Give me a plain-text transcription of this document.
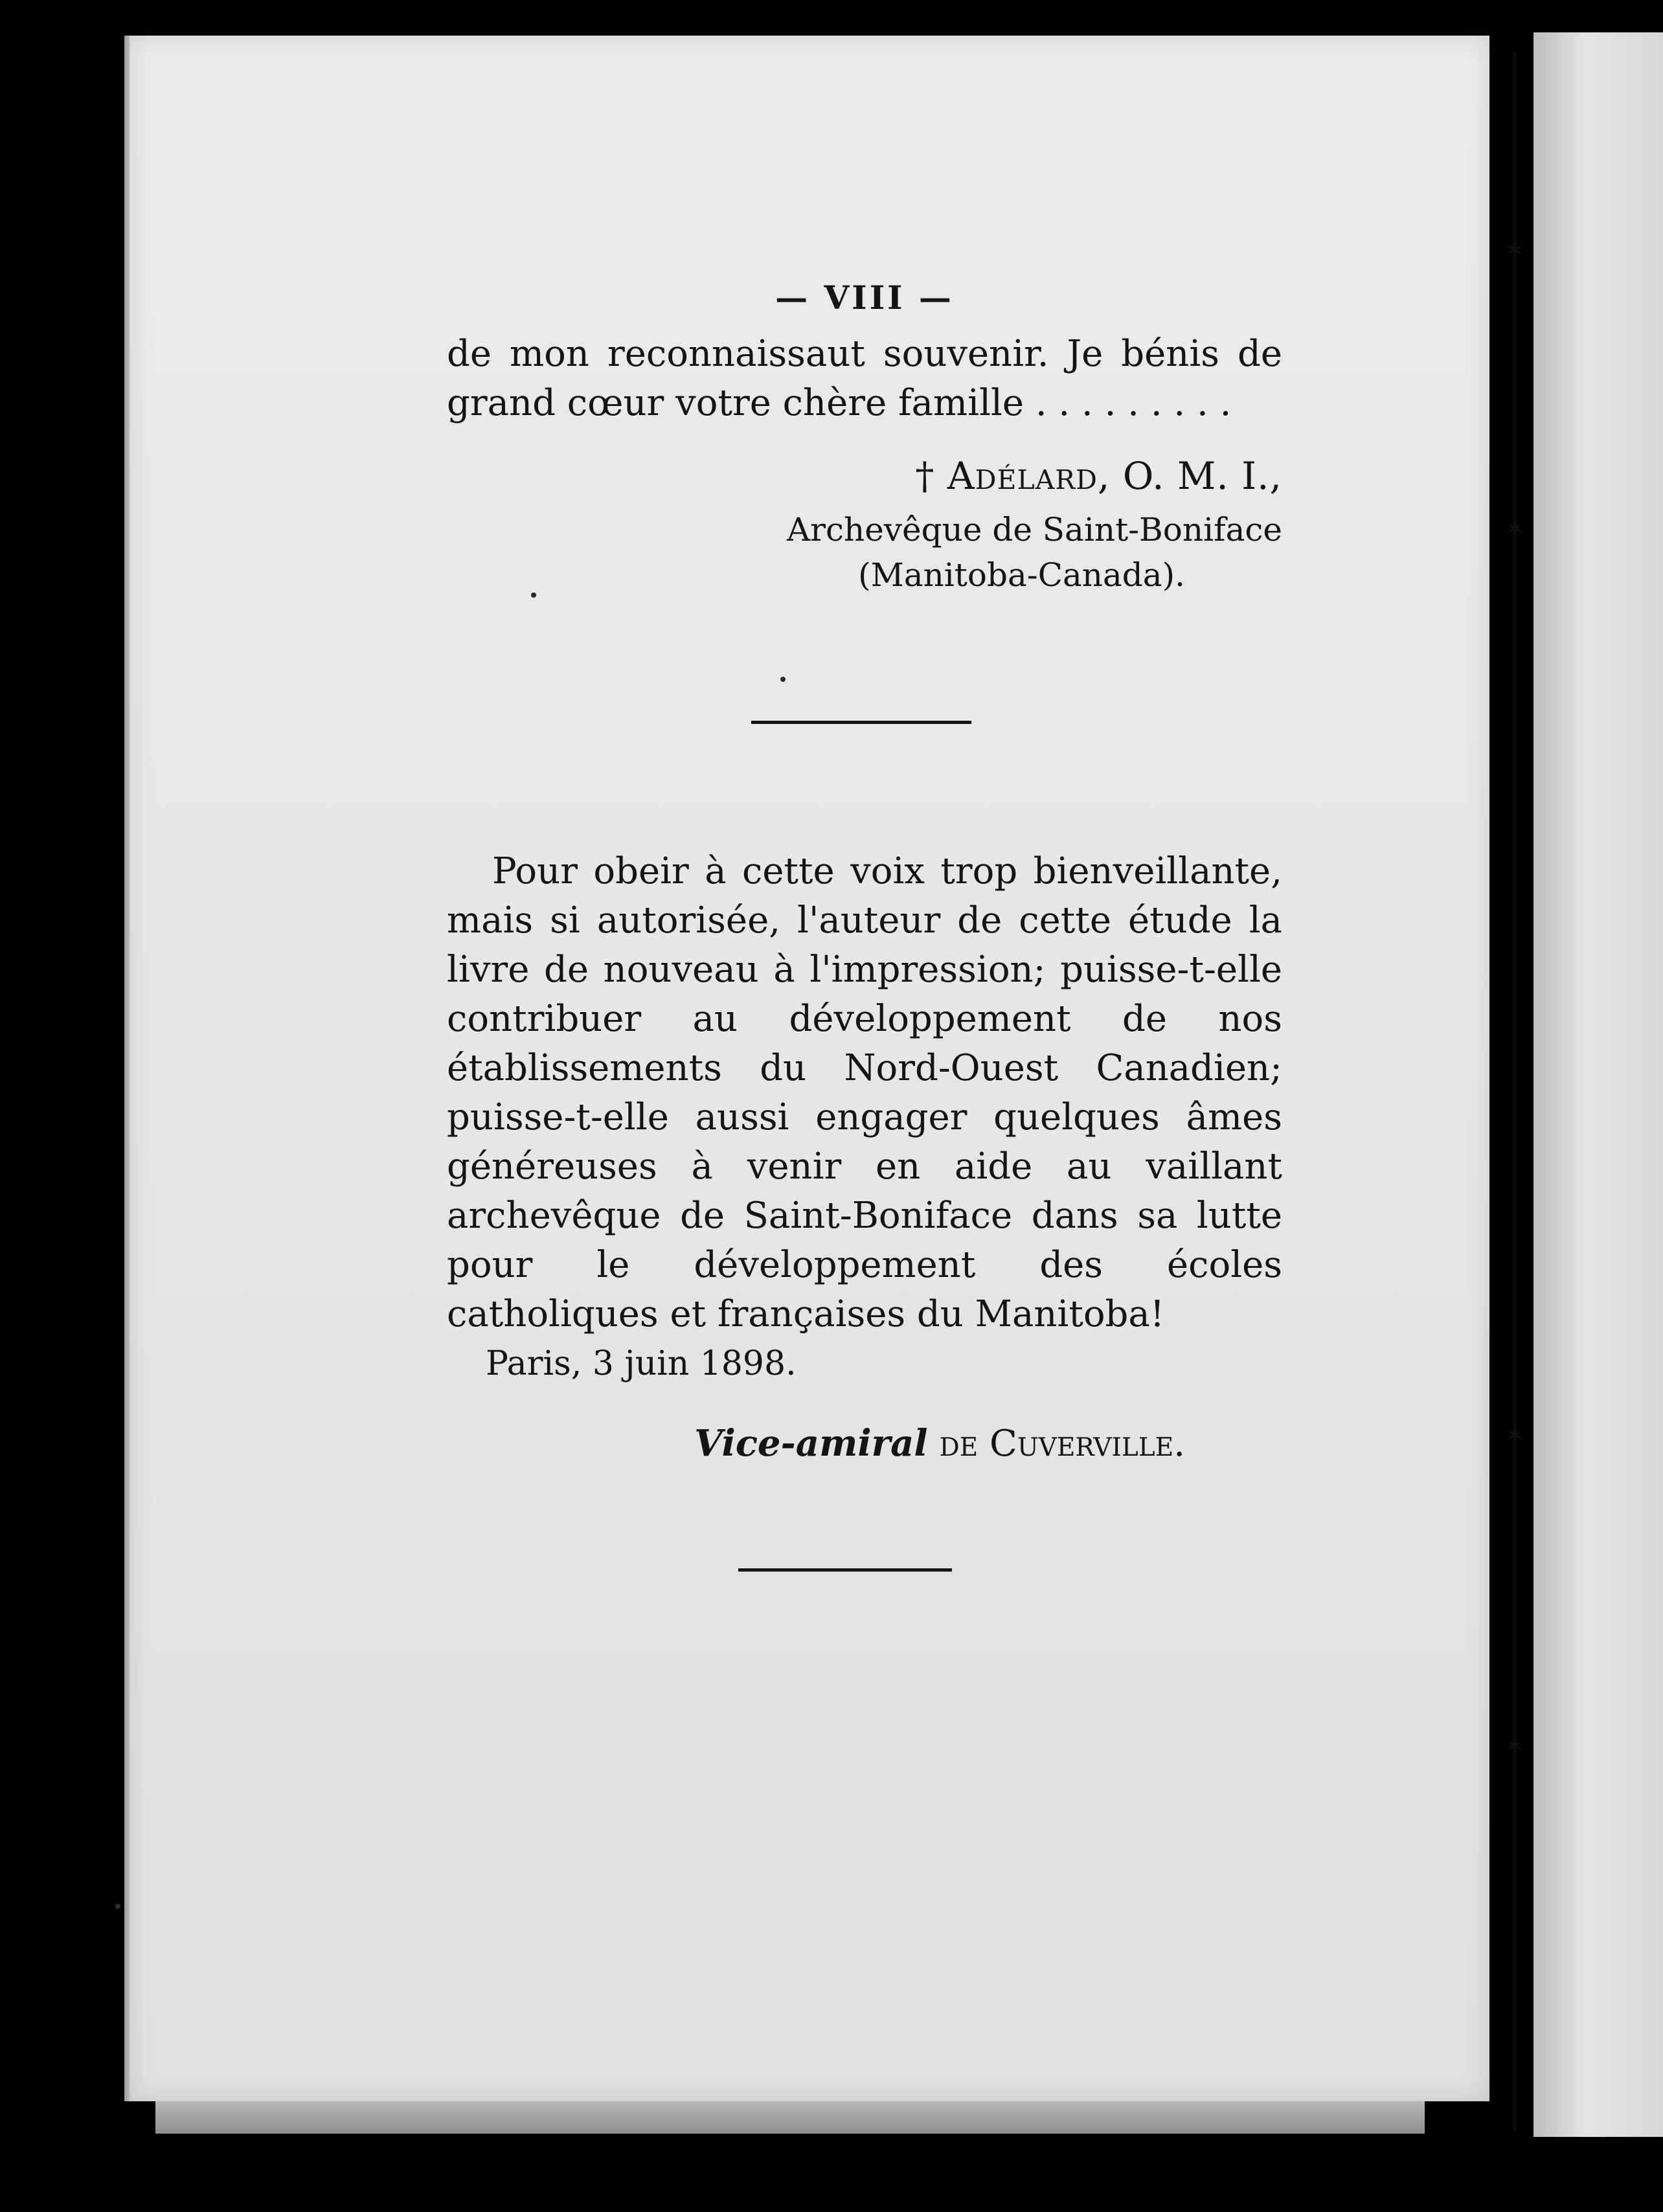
✶
✶
✶
✶
— VIII —

de mon reconnaissaut souvenir. Je bénis de grand cœur votre chère famille . . . . . . . . .

† Adélard, O. M. I.,
Archevêque de Saint-Boniface
(Manitoba-Canada).

Pour obeir à cette voix trop bienveillante, mais si autorisée, l'auteur de cette étude la livre de nouveau à l'impression; puisse-t-elle contribuer au développement de nos établissements du Nord-Ouest Canadien; puisse-t-elle aussi engager quelques âmes généreuses à venir en aide au vaillant archevêque de Saint-Boniface dans sa lutte pour le développement des écoles catholiques et françaises du Manitoba!

Paris, 3 juin 1898.

Vice-amiral de Cuverville.
